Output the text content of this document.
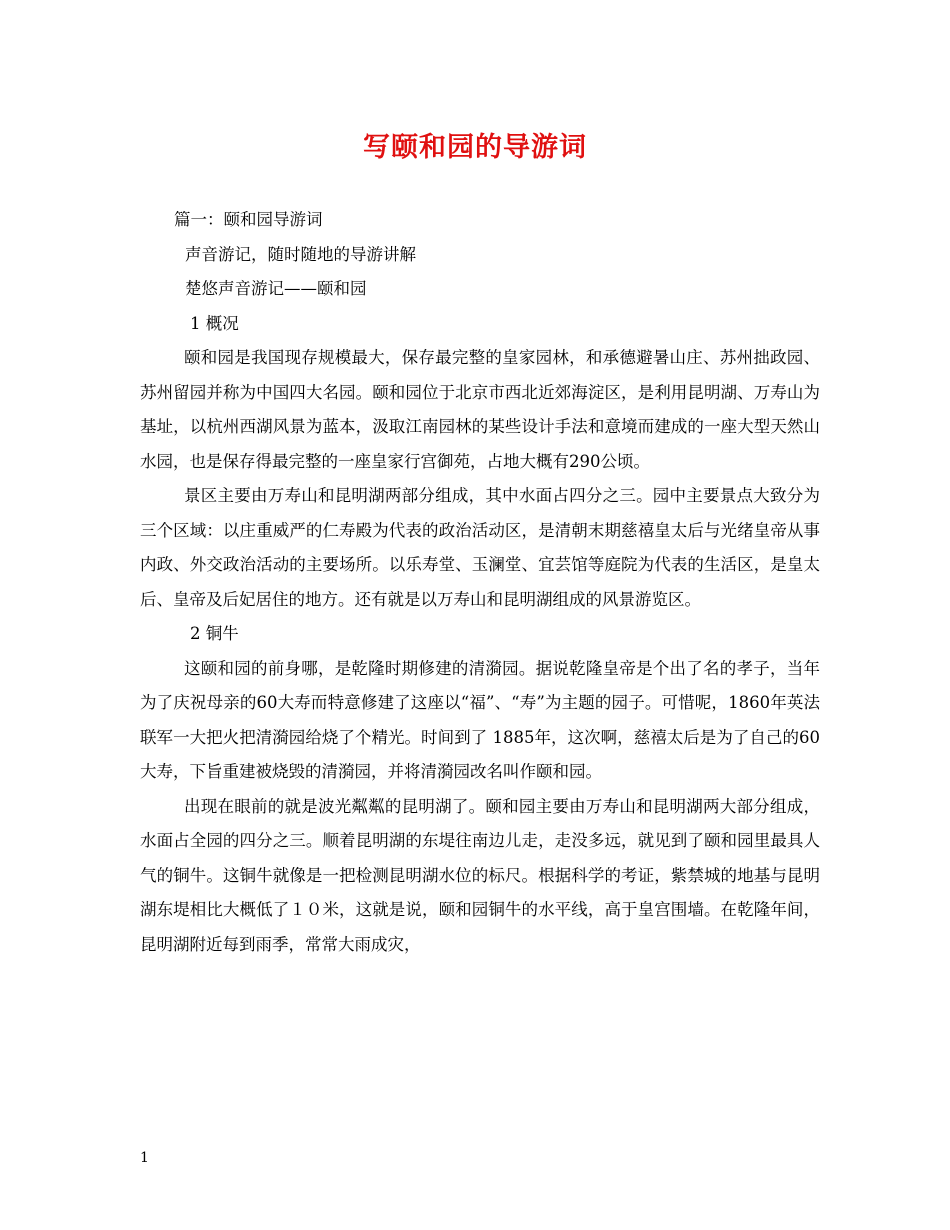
写颐和园的导游词

篇一：颐和园导游词

声音游记，随时随地的导游讲解

楚悠声音游记——颐和园

1 概况

颐和园是我国现存规模最大，保存最完整的皇家园林，和承德避暑山庄、苏州拙政园、苏州留园并称为中国四大名园。颐和园位于北京市西北近郊海淀区，是利用昆明湖、万寿山为基址，以杭州西湖风景为蓝本，汲取江南园林的某些设计手法和意境而建成的一座大型天然山水园，也是保存得最完整的一座皇家行宫御苑，占地大概有290公顷。

景区主要由万寿山和昆明湖两部分组成，其中水面占四分之三。园中主要景点大致分为三个区域：以庄重威严的仁寿殿为代表的政治活动区，是清朝末期慈禧皇太后与光绪皇帝从事内政、外交政治活动的主要场所。以乐寿堂、玉澜堂、宜芸馆等庭院为代表的生活区，是皇太后、皇帝及后妃居住的地方。还有就是以万寿山和昆明湖组成的风景游览区。

2 铜牛

这颐和园的前身哪，是乾隆时期修建的清漪园。据说乾隆皇帝是个出了名的孝子，当年为了庆祝母亲的60大寿而特意修建了这座以“福”、“寿”为主题的园子。可惜呢，1860年英法联军一大把火把清漪园给烧了个精光。时间到了 1885年，这次啊，慈禧太后是为了自己的60大寿，下旨重建被烧毁的清漪园，并将清漪园改名叫作颐和园。

出现在眼前的就是波光粼粼的昆明湖了。颐和园主要由万寿山和昆明湖两大部分组成，水面占全园的四分之三。顺着昆明湖的东堤往南边儿走，走没多远，就见到了颐和园里最具人气的铜牛。这铜牛就像是一把检测昆明湖水位的标尺。根据科学的考证，紫禁城的地基与昆明湖东堤相比大概低了１０米，这就是说，颐和园铜牛的水平线，高于皇宫围墙。在乾隆年间，昆明湖附近每到雨季，常常大雨成灾，

1
